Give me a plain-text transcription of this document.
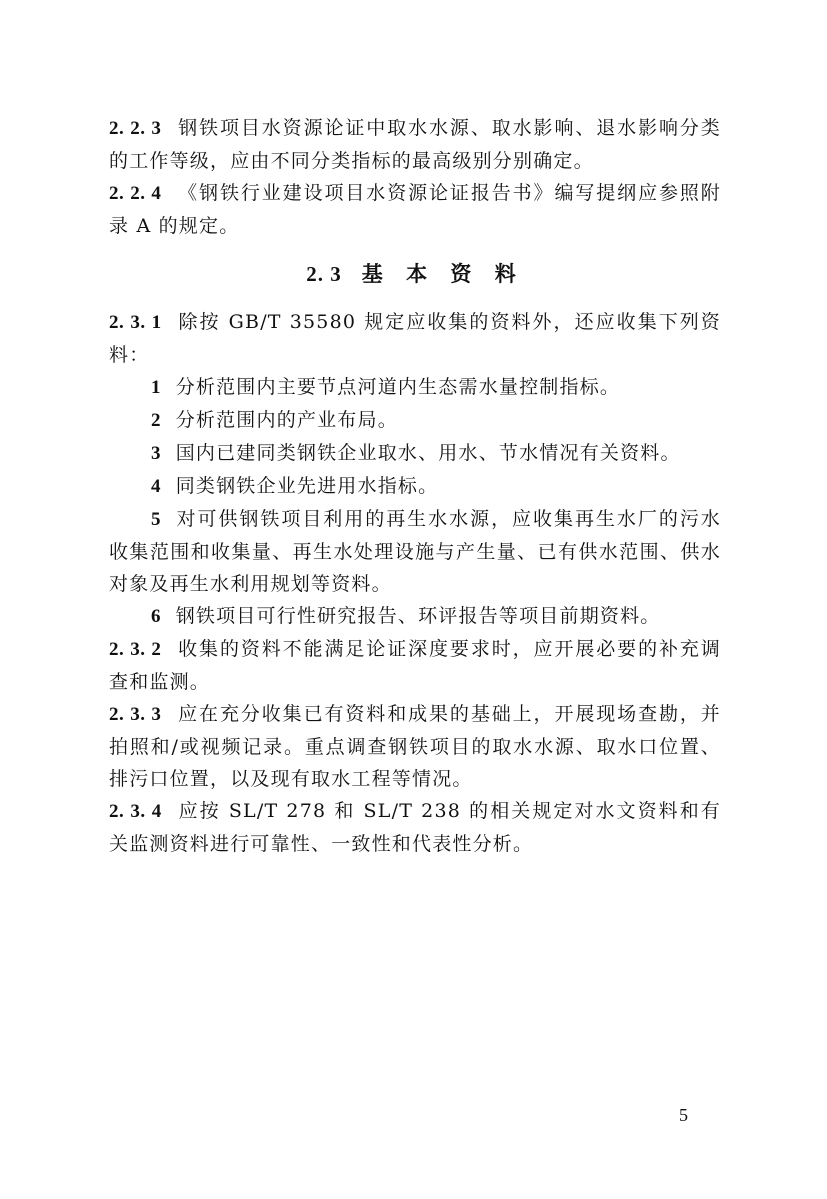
2. 2. 3 钢铁项目水资源论证中取水水源、取水影响、退水影响分类的工作等级，应由不同分类指标的最高级别分别确定。

2. 2. 4 《钢铁行业建设项目水资源论证报告书》编写提纲应参照附录 A 的规定。

2. 3 基 本 资 料

2. 3. 1 除按 GB/T 35580 规定应收集的资料外，还应收集下列资料：

1 分析范围内主要节点河道内生态需水量控制指标。

2 分析范围内的产业布局。

3 国内已建同类钢铁企业取水、用水、节水情况有关资料。

4 同类钢铁企业先进用水指标。

5 对可供钢铁项目利用的再生水水源，应收集再生水厂的污水收集范围和收集量、再生水处理设施与产生量、已有供水范围、供水对象及再生水利用规划等资料。

6 钢铁项目可行性研究报告、环评报告等项目前期资料。

2. 3. 2 收集的资料不能满足论证深度要求时，应开展必要的补充调查和监测。

2. 3. 3 应在充分收集已有资料和成果的基础上，开展现场查勘，并拍照和/或视频记录。重点调查钢铁项目的取水水源、取水口位置、排污口位置，以及现有取水工程等情况。

2. 3. 4 应按 SL/T 278 和 SL/T 238 的相关规定对水文资料和有关监测资料进行可靠性、一致性和代表性分析。

5
